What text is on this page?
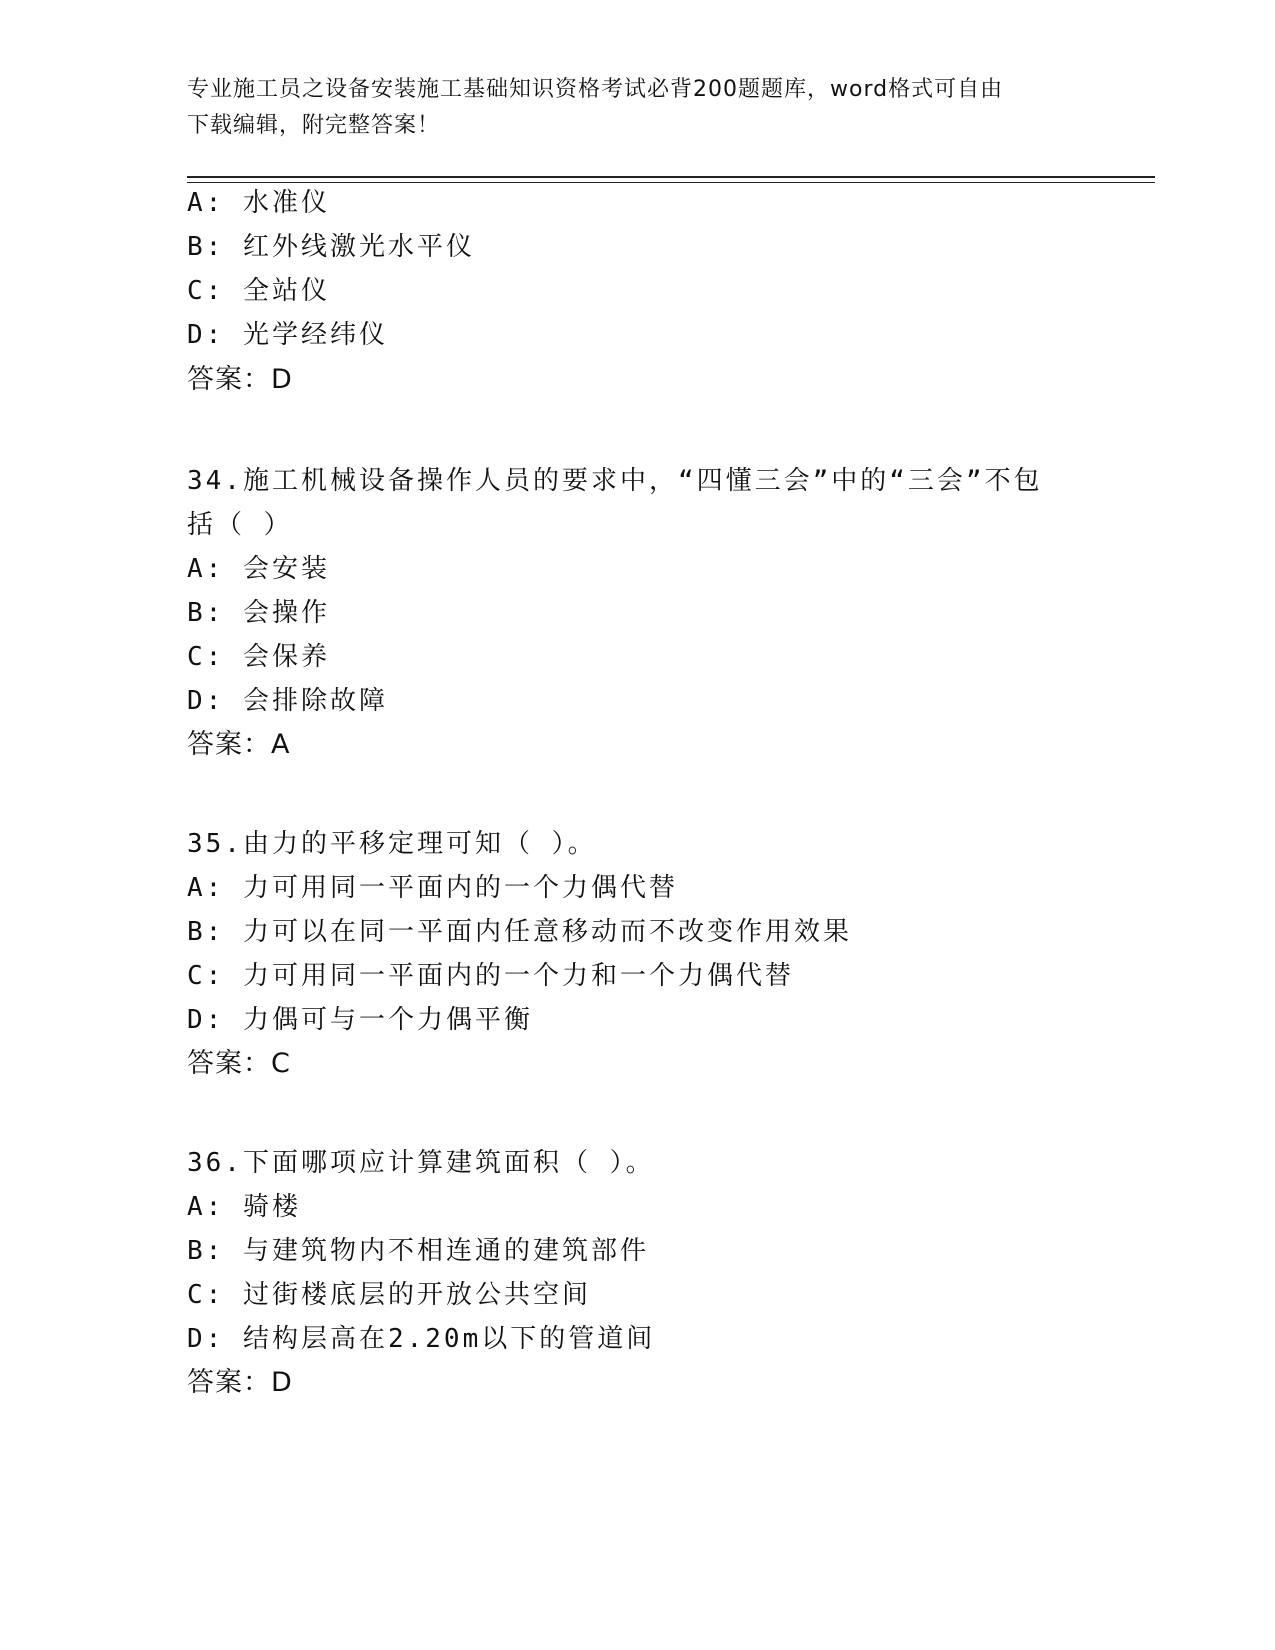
专业施工员之设备安装施工基础知识资格考试必背200题题库，word格式可自由
下载编辑，附完整答案！
A: 水准仪
B: 红外线激光水平仪
C: 全站仪
D: 光学经纬仪
答案：D
34.施工机械设备操作人员的要求中，“四懂三会”中的“三会”不包
括（ ）
A: 会安装
B: 会操作
C: 会保养
D: 会排除故障
答案：A
35.由力的平移定理可知（ ）。
A: 力可用同一平面内的一个力偶代替
B: 力可以在同一平面内任意移动而不改变作用效果
C: 力可用同一平面内的一个力和一个力偶代替
D: 力偶可与一个力偶平衡
答案：C
36.下面哪项应计算建筑面积（ ）。
A: 骑楼
B: 与建筑物内不相连通的建筑部件
C: 过街楼底层的开放公共空间
D: 结构层高在2.20m以下的管道间
答案：D
